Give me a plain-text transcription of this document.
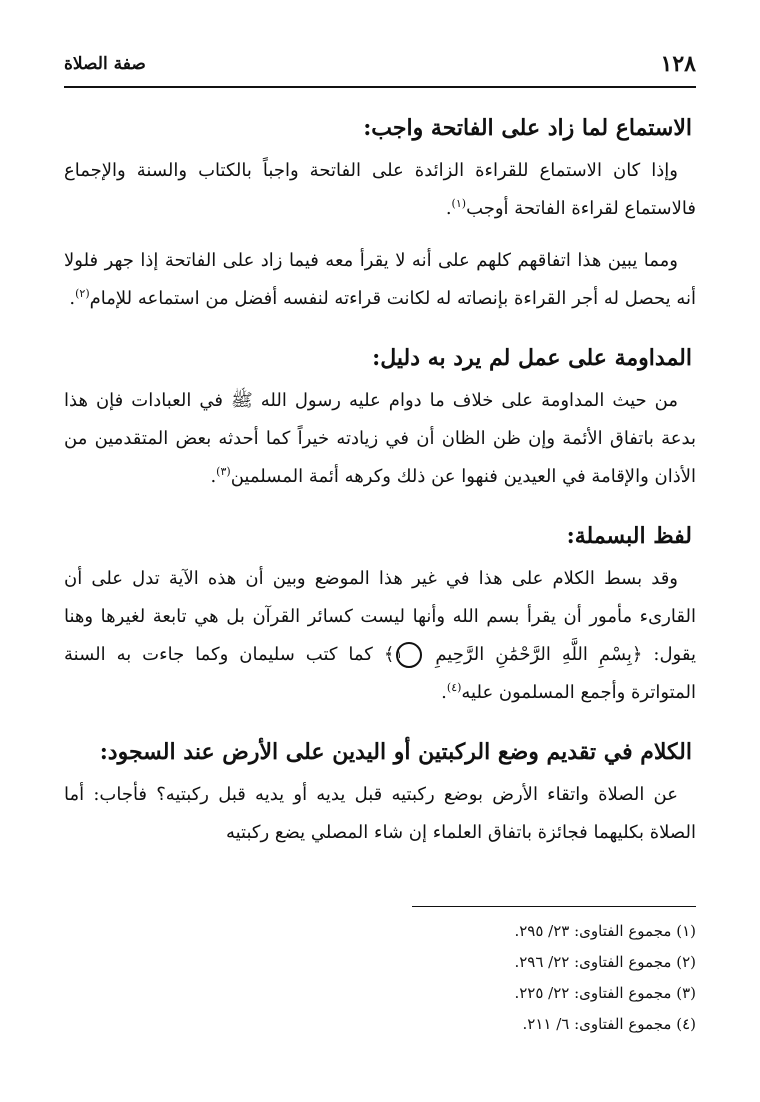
١٢٨
صفة الصلاة
الاستماع لما زاد على الفاتحة واجب:

وإذا كان الاستماع للقراءة الزائدة على الفاتحة واجباً بالكتاب والسنة والإجماع فالاستماع لقراءة الفاتحة أوجب$^{(١)}$.

ومما يبين هذا اتفاقهم كلهم على أنه لا يقرأ معه فيما زاد على الفاتحة إذا جهر فلولا أنه يحصل له أجر القراءة بإنصاته له لكانت قراءته لنفسه أفضل من استماعه للإمام$^{(٢)}$.

المداومة على عمل لم يرد به دليل:

من حيث المداومة على خلاف ما دوام عليه رسول الله ﷺ في العبادات فإن هذا بدعة باتفاق الأئمة وإن ظن الظان أن في زيادته خيراً كما أحدثه بعض المتقدمين من الأذان والإقامة في العيدين فنهوا عن ذلك وكرهه أئمة المسلمين$^{(٣)}$.

لفظ البسملة:

وقد بسط الكلام على هذا في غير هذا الموضع وبين أن هذه الآية تدل على أن القارىء مأمور أن يقرأ بسم الله وأنها ليست كسائر القرآن بل هي تابعة لغيرها وهنا يقول: ﴿بِسْمِ اللَّهِ الرَّحْمَٰنِ الرَّحِيمِ ١﴾ كما كتب سليمان وكما جاءت به السنة المتواترة وأجمع المسلمون عليه$^{(٤)}$.

الكلام في تقديم وضع الركبتين أو اليدين على الأرض عند السجود:

عن الصلاة واتقاء الأرض بوضع ركبتيه قبل يديه أو يديه قبل ركبتيه؟ فأجاب: أما الصلاة بكليهما فجائزة باتفاق العلماء إن شاء المصلي يضع ركبتيه

(١) مجموع الفتاوى: ٢٣/ ٢٩٥.
(٢) مجموع الفتاوى: ٢٢/ ٢٩٦.
(٣) مجموع الفتاوى: ٢٢/ ٢٢٥.
(٤) مجموع الفتاوى: ٦/ ٢١١.
